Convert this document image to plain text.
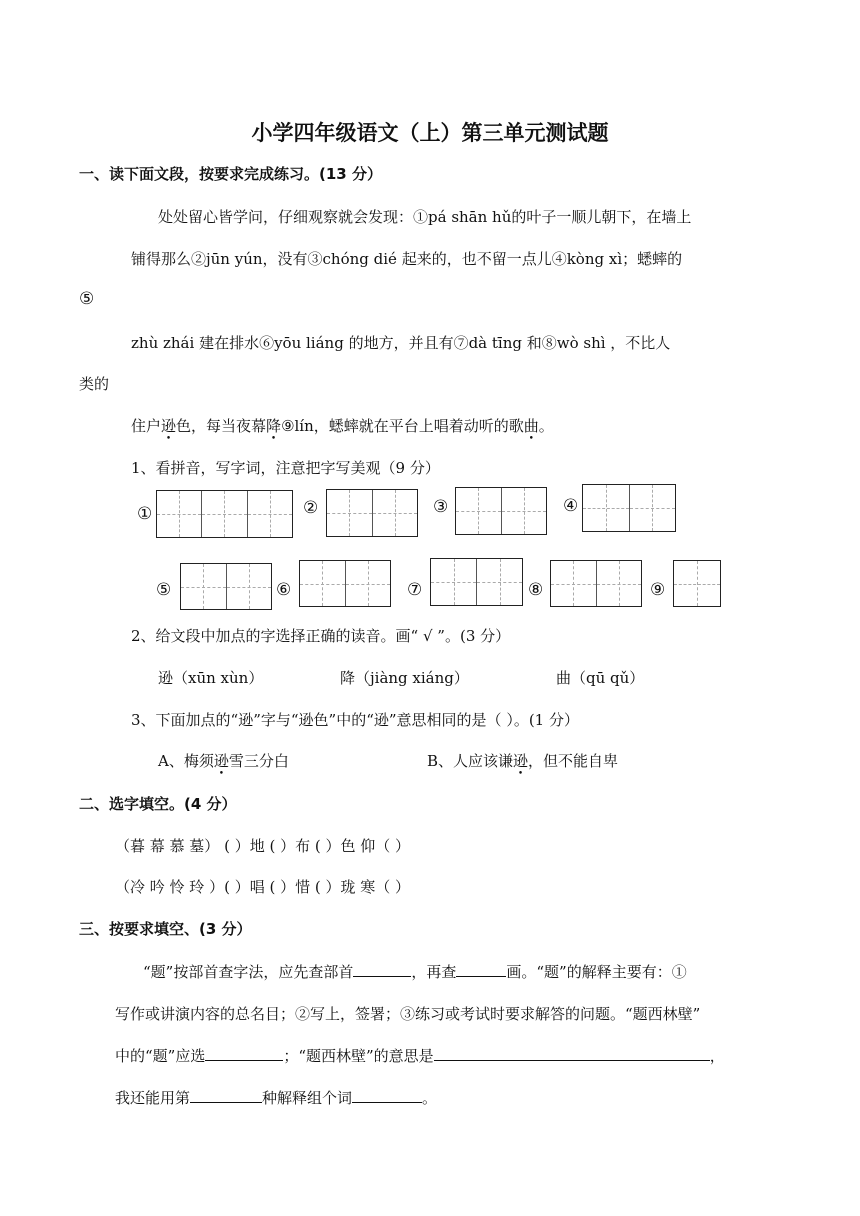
小学四年级语文（上）第三单元测试题
一、读下面文段，按要求完成练习。(13 分）
处处留心皆学问，仔细观察就会发现：①pá shān hǔ的叶子一顺儿朝下，在墙上
铺得那么②jūn yún，没有③chóng dié 起来的，也不留一点儿④kòng xì；蟋蟀的
⑤
zhù zhái 建在排水⑥yōu liáng 的地方，并且有⑦dà tīng 和⑧wò shì ，不比人
类的
住户逊色，每当夜幕降⑨lín，蟋蟀就在平台上唱着动听的歌曲。
1、看拼音，写字词，注意把字写美观（9 分）
①	②	③	④
⑤	⑥	⑦	⑧	⑨
2、给文段中加点的字选择正确的读音。画“ √ ”。(3 分）
逊（xūn xùn）	降（jiàng xiáng）	曲（qū qǔ）
3、下面加点的“逊”字与“逊色”中的“逊”意思相同的是（ ）。(1 分）
A、梅须逊雪三分白	B、人应该谦逊，但不能自卑
二、选字填空。(4 分）
（暮 幕 慕 墓） ( ）地 ( ）布 ( ）色 仰（ ）
（冷 吟 怜 玲 ）( ）唱 ( ）惜 ( ）珑 寒（ ）
三、按要求填空、(3 分）
“题”按部首查字法，应先查部首	，再查	画。“题”的解释主要有：①
写作或讲演内容的总名目；②写上，签署；③练习或考试时要求解答的问题。“题西林壁”
中的“题”应选	；“题西林壁”的意思是	，
我还能用第	种解释组个词	。
